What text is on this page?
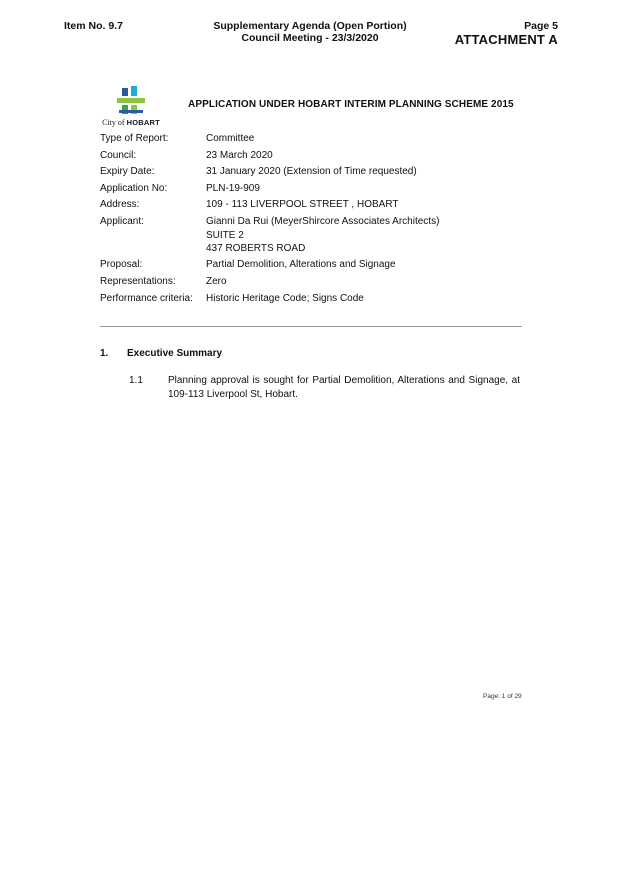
Item No. 9.7	Supplementary Agenda (Open Portion)
Council Meeting - 23/3/2020
Page 5
ATTACHMENT A
City of HOBART
APPLICATION UNDER HOBART INTERIM PLANNING SCHEME 2015
Type of Report:	Committee
Council:	23 March 2020
Expiry Date:	31 January 2020 (Extension of Time requested)
Application No:	PLN-19-909
Address:	109 - 113 LIVERPOOL STREET , HOBART
Applicant:	Gianni Da Rui (MeyerShircore Associates Architects)
SUITE 2
437 ROBERTS ROAD
Proposal:	Partial Demolition, Alterations and Signage
Representations:	Zero
Performance criteria:	Historic Heritage Code; Signs Code
1. Executive Summary
1.1	Planning approval is sought for Partial Demolition, Alterations and Signage, at 109-113 Liverpool St, Hobart.
Page: 1 of 29
